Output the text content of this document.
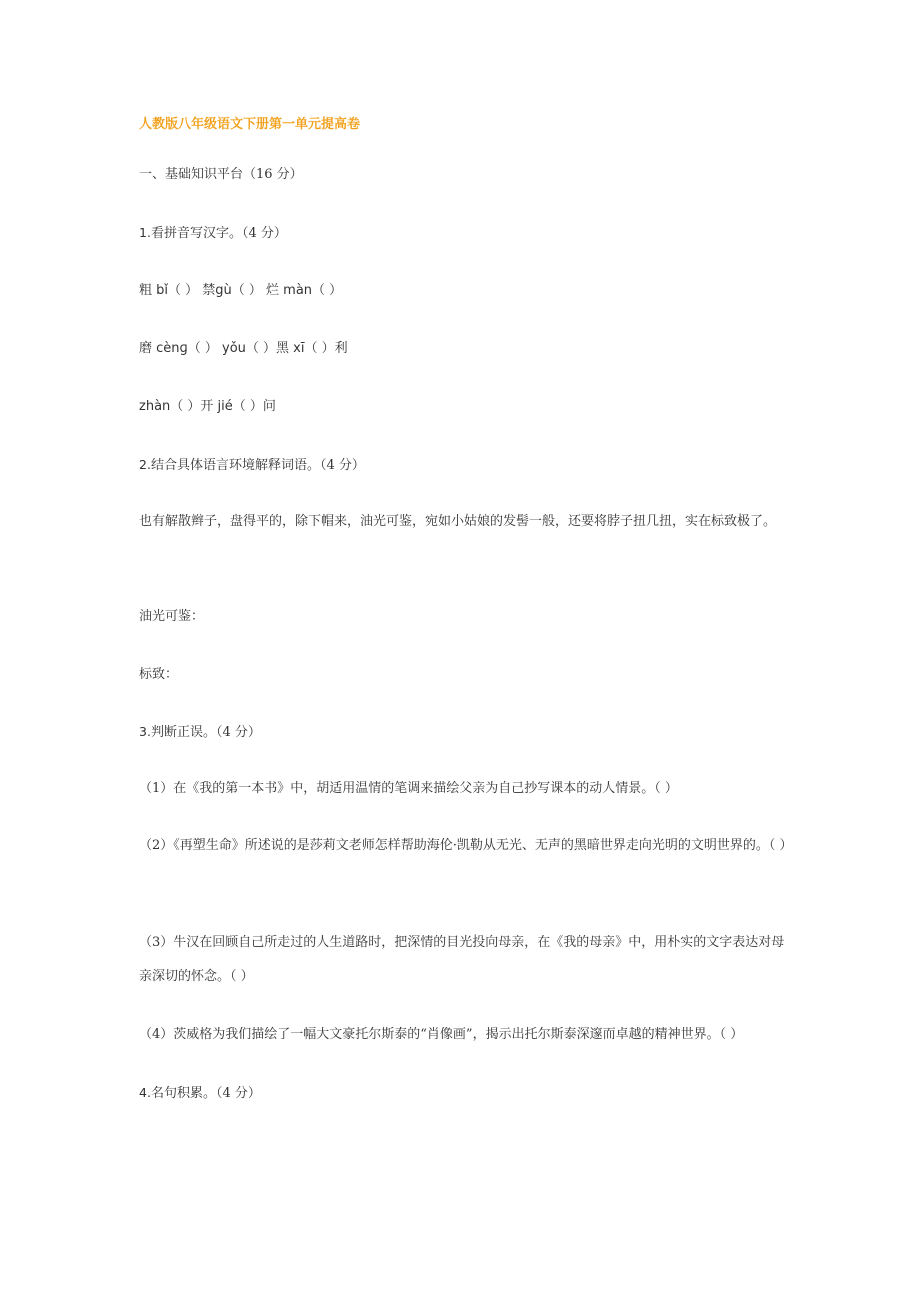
人教版八年级语文下册第一单元提高卷
一、基础知识平台（16 分）
1.看拼音写汉字。（4 分）
粗 bǐ（ ） 禁gù（ ） 烂 màn（ ）
磨 cènɡ（ ） yǒu（ ）黑 xī（ ）利
zhàn（ ）开 jié（ ）问
2.结合具体语言环境解释词语。（4 分）
也有解散辫子，盘得平的，除下帽来，油光可鉴，宛如小姑娘的发髻一般，还要将脖子扭几扭，实在标致极了。
油光可鉴：
标致：
3.判断正误。（4 分）
（1）在《我的第一本书》中，胡适用温情的笔调来描绘父亲为自己抄写课本的动人情景。（ ）
（2）《再塑生命》所述说的是莎莉文老师怎样帮助海伦·凯勒从无光、无声的黑暗世界走向光明的文明世界的。（ ）
（3）牛汉在回顾自己所走过的人生道路时，把深情的目光投向母亲，在《我的母亲》中，用朴实的文字表达对母亲深切的怀念。（ ）
（4）茨威格为我们描绘了一幅大文豪托尔斯泰的“肖像画”，揭示出托尔斯泰深邃而卓越的精神世界。（ ）
4.名句积累。（4 分）
